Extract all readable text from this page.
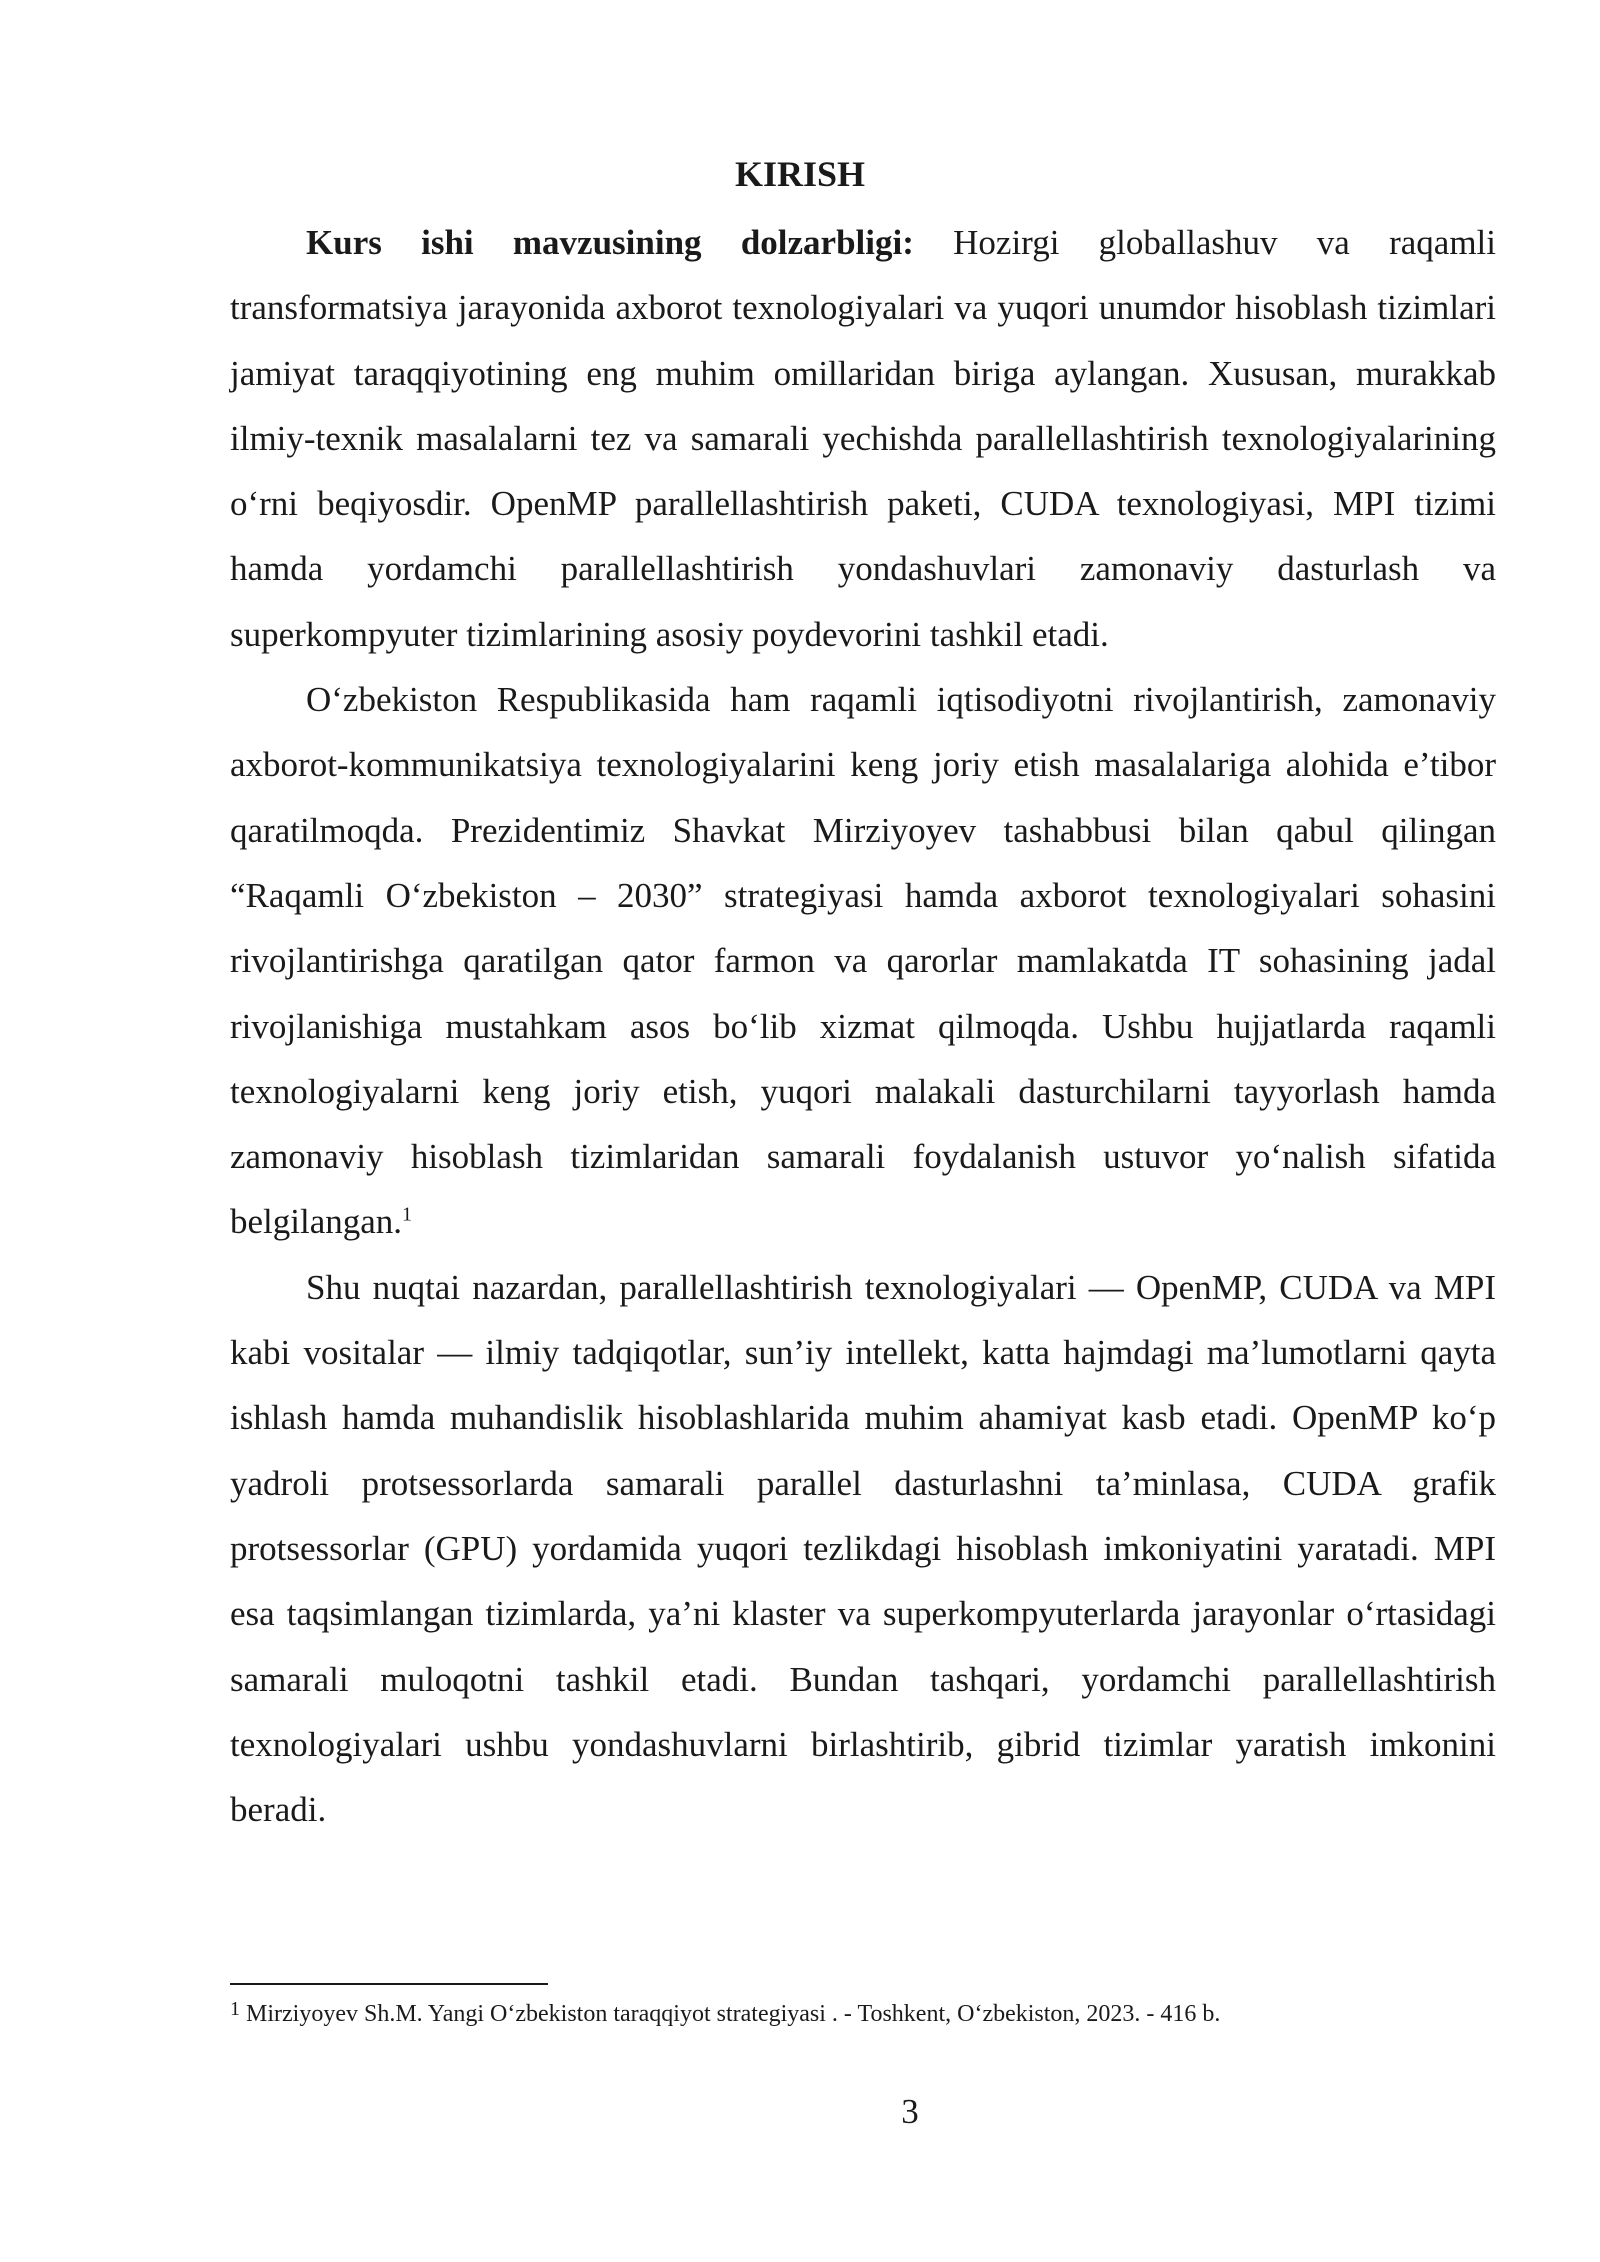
KIRISH

Kurs ishi mavzusining dolzarbligi: Hozirgi globallashuv va raqamli transformatsiya jarayonida axborot texnologiyalari va yuqori unumdor hisoblash tizimlari jamiyat taraqqiyotining eng muhim omillaridan biriga aylangan. Xususan, murakkab ilmiy-texnik masalalarni tez va samarali yechishda parallellashtirish texnologiyalarining o‘rni beqiyosdir. OpenMP parallellashtirish paketi, CUDA texnologiyasi, MPI tizimi hamda yordamchi parallellashtirish yondashuvlari zamonaviy dasturlash va superkompyuter tizimlarining asosiy poydevorini tashkil etadi.

O‘zbekiston Respublikasida ham raqamli iqtisodiyotni rivojlantirish, zamonaviy axborot-kommunikatsiya texnologiyalarini keng joriy etish masalalariga alohida e’tibor qaratilmoqda. Prezidentimiz Shavkat Mirziyoyev tashabbusi bilan qabul qilingan “Raqamli O‘zbekiston – 2030” strategiyasi hamda axborot texnologiyalari sohasini rivojlantirishga qaratilgan qator farmon va qarorlar mamlakatda IT sohasining jadal rivojlanishiga mustahkam asos bo‘lib xizmat qilmoqda. Ushbu hujjatlarda raqamli texnologiyalarni keng joriy etish, yuqori malakali dasturchilarni tayyorlash hamda zamonaviy hisoblash tizimlaridan samarali foydalanish ustuvor yo‘nalish sifatida belgilangan.$^1$

Shu nuqtai nazardan, parallellashtirish texnologiyalari — OpenMP, CUDA va MPI kabi vositalar — ilmiy tadqiqotlar, sun’iy intellekt, katta hajmdagi ma’lumotlarni qayta ishlash hamda muhandislik hisoblashlarida muhim ahamiyat kasb etadi. OpenMP ko‘p yadroli protsessorlarda samarali parallel dasturlashni ta’minlasa, CUDA grafik protsessorlar (GPU) yordamida yuqori tezlikdagi hisoblash imkoniyatini yaratadi. MPI esa taqsimlangan tizimlarda, ya’ni klaster va superkompyuterlarda jarayonlar o‘rtasidagi samarali muloqotni tashkil etadi. Bundan tashqari, yordamchi parallellashtirish texnologiyalari ushbu yondashuvlarni birlashtirib, gibrid tizimlar yaratish imkonini beradi.

$^1$ Mirziyoyev Sh.M. Yangi O‘zbekiston taraqqiyot strategiyasi . - Toshkent, O‘zbekiston, 2023. - 416 b.
3
